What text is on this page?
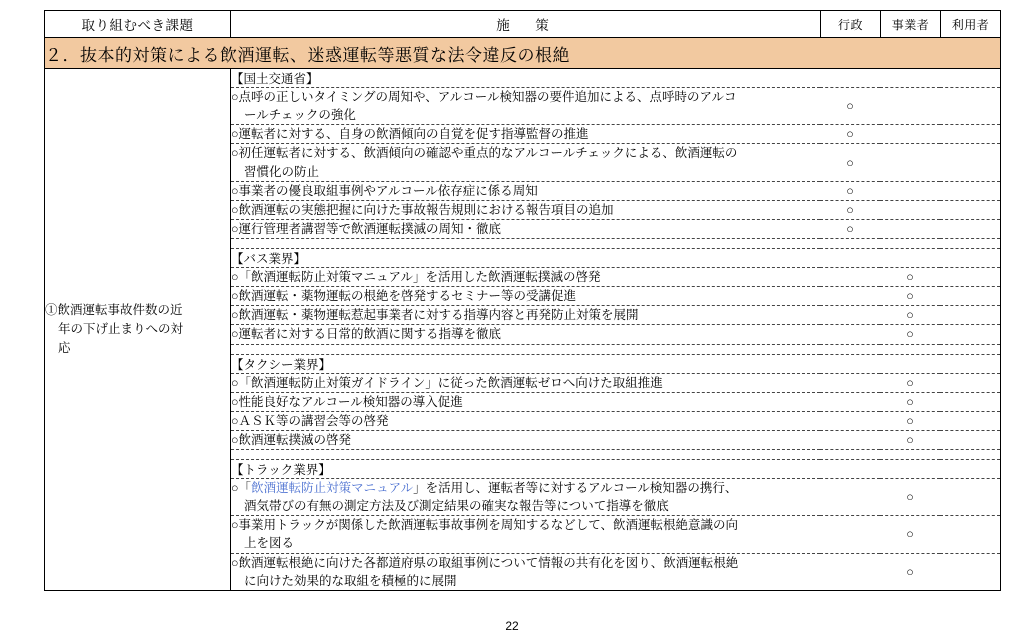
取り組むべき課題	施　策	行政	事業者	利用者
２．抜本的対策による飲酒運転、迷惑運転等悪質な法令違反の根絶

①飲酒運転事故件数の近
年の下げ止まりへの対
応

【国土交通省】			
○点呼の正しいタイミングの周知や、アルコール検知器の要件追加による、点呼時のアルコ
ールチェックの強化
	○		
○運転者に対する、自身の飲酒傾向の自覚を促す指導監督の推進	○		
○初任運転者に対する、飲酒傾向の確認や重点的なアルコールチェックによる、飲酒運転の
習慣化の防止
	○		
○事業者の優良取組事例やアルコール依存症に係る周知	○		
○飲酒運転の実態把握に向けた事故報告規則における報告項目の追加	○		
○運行管理者講習等で飲酒運転撲滅の周知・徹底	○		

【バス業界】			
○「飲酒運転防止対策マニュアル」を活用した飲酒運転撲滅の啓発		○	
○飲酒運転・薬物運転の根絶を啓発するセミナー等の受講促進		○	
○飲酒運転・薬物運転惹起事業者に対する指導内容と再発防止対策を展開		○	
○運転者に対する日常的飲酒に関する指導を徹底		○	

【タクシー業界】			
○「飲酒運転防止対策ガイドライン」に従った飲酒運転ゼロへ向けた取組推進		○	
○性能良好なアルコール検知器の導入促進		○	
○ＡＳＫ等の講習会等の啓発		○	
○飲酒運転撲滅の啓発		○	

【トラック業界】			
○「飲酒運転防止対策マニュアル」を活用し、運転者等に対するアルコール検知器の携行、
酒気帯びの有無の測定方法及び測定結果の確実な報告等について指導を徹底
		○	
○事業用トラックが関係した飲酒運転事故事例を周知するなどして、飲酒運転根絶意識の向
上を図る
		○	
○飲酒運転根絶に向けた各都道府県の取組事例について情報の共有化を図り、飲酒運転根絶
に向けた効果的な取組を積極的に展開
		○	
22
